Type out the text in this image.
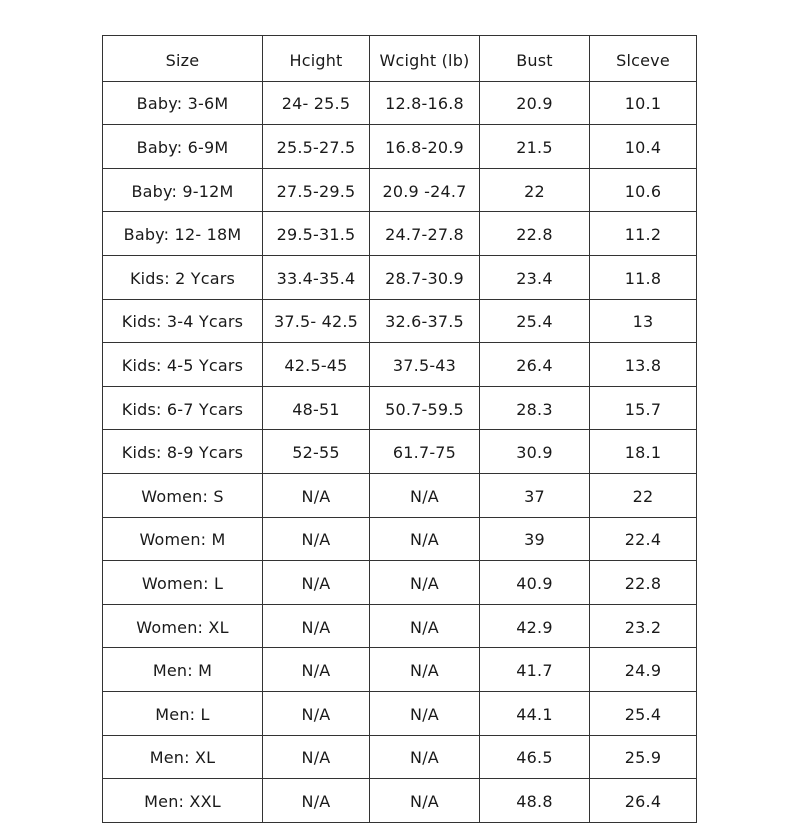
Size	Hcight	Wcight (lb)	Bust	Slceve
Baby: 3-6M	24- 25.5	12.8-16.8	20.9	10.1
Baby: 6-9M	25.5-27.5	16.8-20.9	21.5	10.4
Baby: 9-12M	27.5-29.5	20.9 -24.7	22	10.6
Baby: 12- 18M	29.5-31.5	24.7-27.8	22.8	11.2
Kids: 2 Ycars	33.4-35.4	28.7-30.9	23.4	11.8
Kids: 3-4 Ycars	37.5- 42.5	32.6-37.5	25.4	13
Kids: 4-5 Ycars	42.5-45	37.5-43	26.4	13.8
Kids: 6-7 Ycars	48-51	50.7-59.5	28.3	15.7
Kids: 8-9 Ycars	52-55	61.7-75	30.9	18.1
Women: S	N/A	N/A	37	22
Women: M	N/A	N/A	39	22.4
Women: L	N/A	N/A	40.9	22.8
Women: XL	N/A	N/A	42.9	23.2
Men: M	N/A	N/A	41.7	24.9
Men: L	N/A	N/A	44.1	25.4
Men: XL	N/A	N/A	46.5	25.9
Men: XXL	N/A	N/A	48.8	26.4
